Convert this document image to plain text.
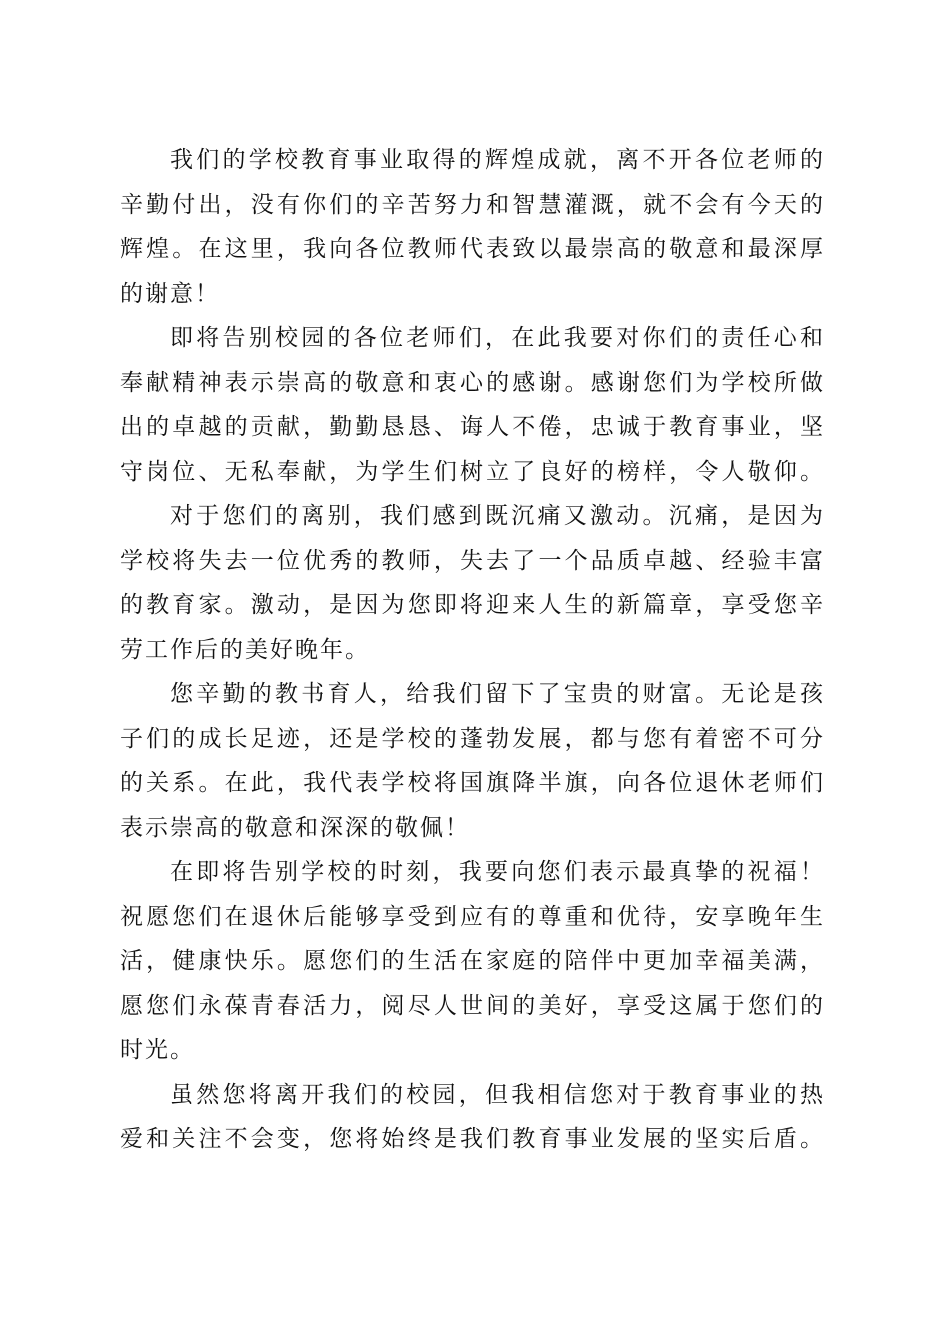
我们的学校教育事业取得的辉煌成就，离不开各位老师的
辛勤付出，没有你们的辛苦努力和智慧灌溉，就不会有今天的
辉煌。在这里，我向各位教师代表致以最崇高的敬意和最深厚
的谢意！
即将告别校园的各位老师们，在此我要对你们的责任心和
奉献精神表示崇高的敬意和衷心的感谢。感谢您们为学校所做
出的卓越的贡献，勤勤恳恳、诲人不倦，忠诚于教育事业，坚
守岗位、无私奉献，为学生们树立了良好的榜样，令人敬仰。
对于您们的离别，我们感到既沉痛又激动。沉痛，是因为
学校将失去一位优秀的教师，失去了一个品质卓越、经验丰富
的教育家。激动，是因为您即将迎来人生的新篇章，享受您辛
劳工作后的美好晚年。
您辛勤的教书育人，给我们留下了宝贵的财富。无论是孩
子们的成长足迹，还是学校的蓬勃发展，都与您有着密不可分
的关系。在此，我代表学校将国旗降半旗，向各位退休老师们
表示崇高的敬意和深深的敬佩！
在即将告别学校的时刻，我要向您们表示最真挚的祝福！
祝愿您们在退休后能够享受到应有的尊重和优待，安享晚年生
活，健康快乐。愿您们的生活在家庭的陪伴中更加幸福美满，
愿您们永葆青春活力，阅尽人世间的美好，享受这属于您们的
时光。
虽然您将离开我们的校园，但我相信您对于教育事业的热
爱和关注不会变，您将始终是我们教育事业发展的坚实后盾。
